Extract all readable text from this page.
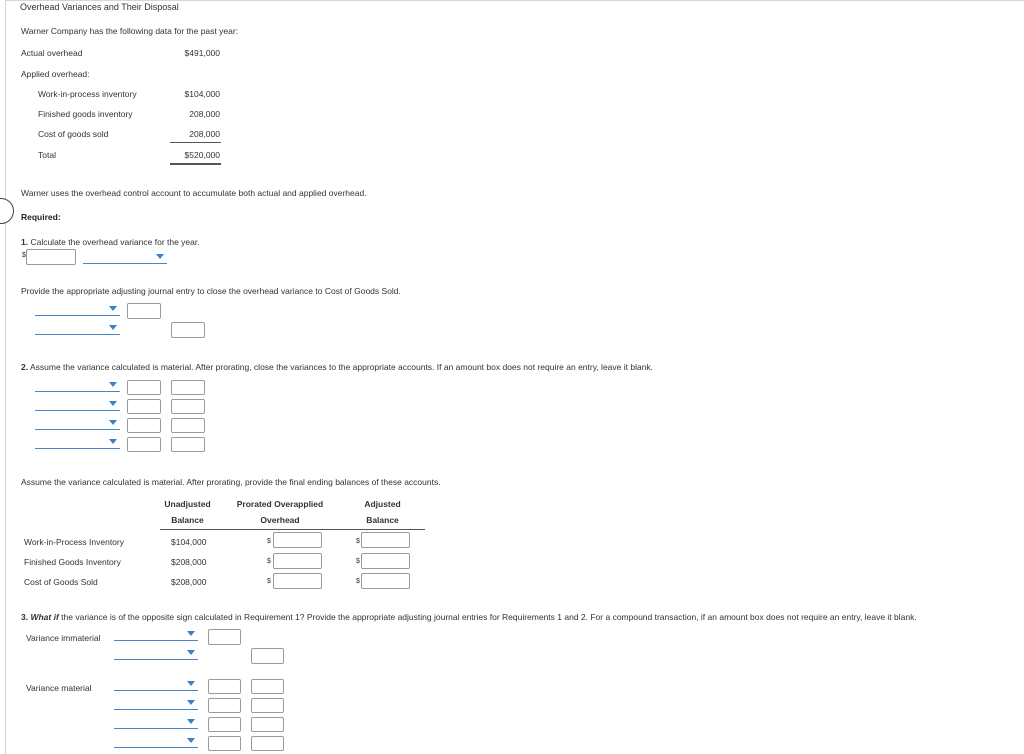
Overhead Variances and Their Disposal
Warner Company has the following data for the past year:
Actual overhead	$491,000
Applied overhead:
Work-in-process inventory	$104,000
Finished goods inventory	208,000
Cost of goods sold	208,000
Total	$520,000
Warner uses the overhead control account to accumulate both actual and applied overhead.
Required:
1. Calculate the overhead variance for the year.
$
Provide the appropriate adjusting journal entry to close the overhead variance to Cost of Goods Sold.
2. Assume the variance calculated is material. After prorating, close the variances to the appropriate accounts. If an amount box does not require an entry, leave it blank.
Assume the variance calculated is material. After prorating, provide the final ending balances of these accounts.
Unadjusted
Balance
Prorated Overapplied
Overhead
Adjusted
Balance
Work-in-Process Inventory	$104,000	$	$
Finished Goods Inventory	$208,000	$	$
Cost of Goods Sold	$208,000	$	$
3. What if the variance is of the opposite sign calculated in Requirement 1? Provide the appropriate adjusting journal entries for Requirements 1 and 2. For a compound transaction, if an amount box does not require an entry, leave it blank.
Variance immaterial
Variance material
